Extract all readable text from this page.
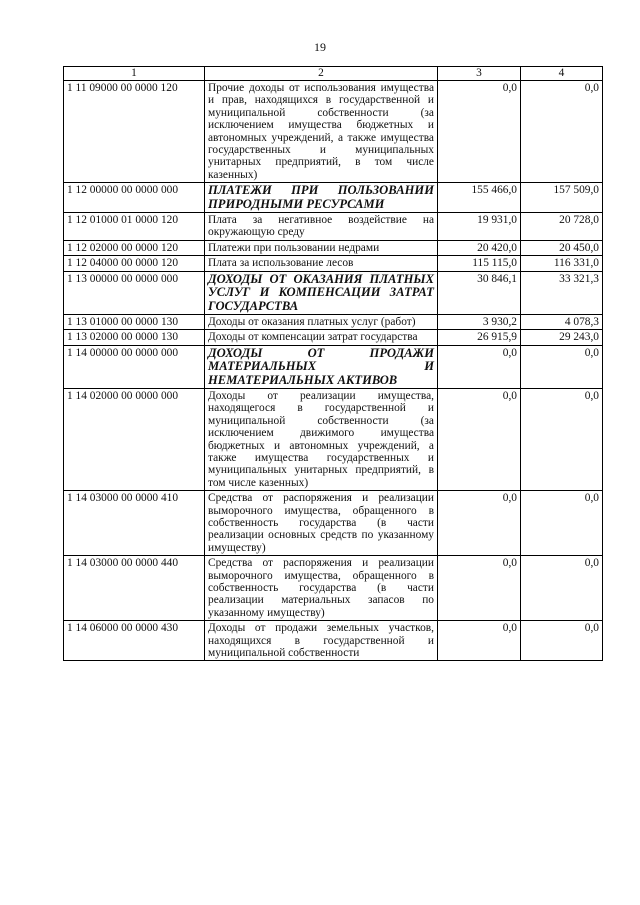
19
1	2	3	4
1 11 09000 00 0000 120	Прочие доходы от использования имущества и прав, находящихся в государственной и муниципальной собственности (за исключением имущества бюджетных и автономных учреждений, а также имущества государственных и муниципальных унитарных предприятий, в том числе казенных)	0,0	0,0
1 12 00000 00 0000 000	ПЛАТЕЖИ ПРИ ПОЛЬЗОВАНИИ ПРИРОДНЫМИ РЕСУРСАМИ	155 466,0	157 509,0
1 12 01000 01 0000 120	Плата за негативное воздействие на окружающую среду	19 931,0	20 728,0
1 12 02000 00 0000 120	Платежи при пользовании недрами	20 420,0	20 450,0
1 12 04000 00 0000 120	Плата за использование лесов	115 115,0	116 331,0
1 13 00000 00 0000 000	ДОХОДЫ ОТ ОКАЗАНИЯ ПЛАТНЫХ УСЛУГ И КОМПЕНСАЦИИ ЗАТРАТ ГОСУДАРСТВА	30 846,1	33 321,3
1 13 01000 00 0000 130	Доходы от оказания платных услуг (работ)	3 930,2	4 078,3
1 13 02000 00 0000 130	Доходы от компенсации затрат государства	26 915,9	29 243,0
1 14 00000 00 0000 000	ДОХОДЫ ОТ ПРОДАЖИ МАТЕРИАЛЬНЫХ И НЕМАТЕРИАЛЬНЫХ АКТИВОВ	0,0	0,0
1 14 02000 00 0000 000	Доходы от реализации имущества, находящегося в государственной и муниципальной собственности (за исключением движимого имущества бюджетных и автономных учреждений, а также имущества государственных и муниципальных унитарных предприятий, в том числе казенных)	0,0	0,0
1 14 03000 00 0000 410	Средства от распоряжения и реализации выморочного имущества, обращенного в собственность государства (в части реализации основных средств по указанному имуществу)	0,0	0,0
1 14 03000 00 0000 440	Средства от распоряжения и реализации выморочного имущества, обращенного в собственность государства (в части реализации материальных запасов по указанному имуществу)	0,0	0,0
1 14 06000 00 0000 430	Доходы от продажи земельных участков, находящихся в государственной и муниципальной собственности	0,0	0,0
